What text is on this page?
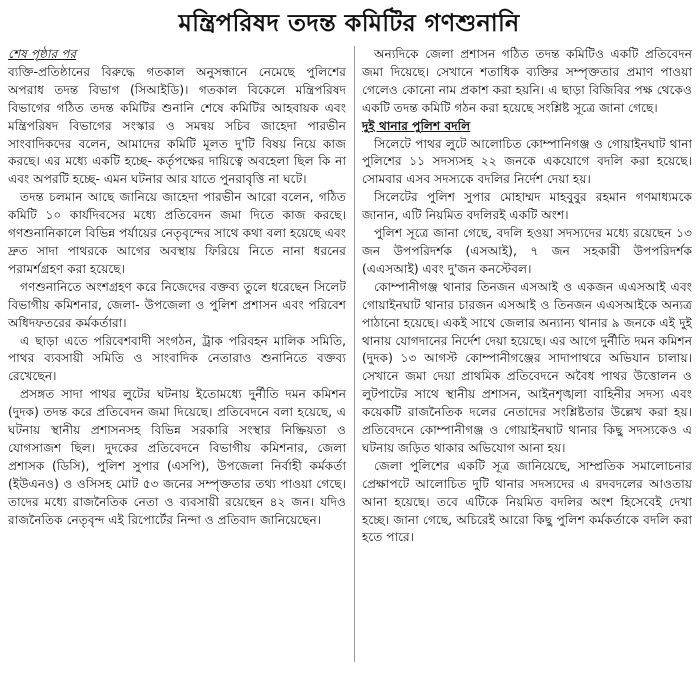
মন্ত্রিপরিষদ তদন্ত কমিটির গণশুনানি
শেষ পৃষ্ঠার পর

ব্যক্তি-প্রতিষ্ঠানের বিরুদ্ধে গতকাল অনুসন্ধানে নেমেছে পুলিশের অপরাধ তদন্ত বিভাগ (সিআইডি)। গতকাল বিকেলে মন্ত্রিপরিষদ বিভাগের গঠিত তদন্ত কমিটির শুনানি শেষে কমিটির আহবায়ক এবং মন্ত্রিপরিষদ বিভাগের সংস্কার ও সমন্বয় সচিব জাহেদা পারভীন সাংবাদিকদের বলেন, আমাদের কমিটি মূলত দু'টি বিষয় নিয়ে কাজ করছে। এর মধ্যে একটি হচ্ছে- কর্তৃপক্ষের দায়িত্বে অবহেলা ছিল কি না এবং অপরটি হচ্ছে- এমন ঘটনার আর যাতে পুনরাবৃত্তি না ঘটে।

তদন্ত চলমান আছে জানিয়ে জাহেদা পারভীন আরো বলেন, গঠিত কমিটি ১০ কার্যদিবসের মধ্যে প্রতিবেদন জমা দিতে কাজ করছে। গণশুনানিকালে বিভিন্ন পর্যায়ের নেতৃবৃন্দের সাথে কথা বলা হয়েছে এবং দ্রুত সাদা পাথরকে আগের অবস্থায় ফিরিয়ে নিতে নানা ধরনের পরামর্শগ্রহণ করা হয়েছে।

গণশুনানিতে অংশগ্রহণ করে নিজেদের বক্তব্য তুলে ধরেছেন সিলেট বিভাগীয় কমিশনার, জেলা- উপজেলা ও পুলিশ প্রশাসন এবং পরিবেশ অধিদফতরের কর্মকর্তারা।

এ ছাড়া এতে পরিবেশবাদী সংগঠন, ট্রাক পরিবহন মালিক সমিতি, পাথর ব্যবসায়ী সমিতি ও সাংবাদিক নেতারাও শুনানিতে বক্তব্য রেখেছেন।

প্রসঙ্গত সাদা পাথর লুটের ঘটনায় ইতোমধ্যে দুর্নীতি দমন কমিশন (দুদক) তদন্ত করে প্রতিবেদন জমা দিয়েছে। প্রতিবেদনে বলা হয়েছে, এ ঘটনায় স্থানীয় প্রশাসনসহ বিভিন্ন সরকারি সংস্থার নিষ্ক্রিয়তা ও যোগসাজশ ছিল। দুদকের প্রতিবেদনে বিভাগীয় কমিশনার, জেলা প্রশাসক (ডিসি), পুলিশ সুপার (এসপি), উপজেলা নির্বাহী কর্মকর্তা (ইউএনও) ও ওসিসহ মোট ৫৩ জনের সম্পৃক্ততার তথ্য পাওয়া গেছে। তাদের মধ্যে রাজনৈতিক নেতা ও ব্যবসায়ী রয়েছেন ৪২ জন। যদিও রাজনৈতিক নেতৃবৃন্দ এই রিপোর্টের নিন্দা ও প্রতিবাদ জানিয়েছেন।

অন্যদিকে জেলা প্রশাসন গঠিত তদন্ত কমিটিও একটি প্রতিবেদন জমা দিয়েছে। সেখানে শতাধিক ব্যক্তির সম্পৃক্ততার প্রমাণ পাওয়া গেলেও কোনো নাম প্রকাশ করা হয়নি। এ ছাড়া বিজিবির পক্ষ থেকেও একটি তদন্ত কমিটি গঠন করা হয়েছে সংশ্লিষ্ট সূত্রে জানা গেছে।

দুই থানার পুলিশ বদলি

সিলেটে পাথর লুটে আলোচিত কোম্পানিগঞ্জ ও গোয়াইনঘাট থানা পুলিশের ১১ সদস্যসহ ২২ জনকে একযোগে বদলি করা হয়েছে। সোমবার এসব সদস্যকে বদলির নির্দেশ দেয়া হয়।

সিলেটের পুলিশ সুপার মোহাম্মদ মাহবুবুর রহমান গণমাধ্যমকে জানান, এটি নিয়মিত বদলিরই একটি অংশ।

পুলিশ সূত্রে জানা গেছে, বদলি হওয়া সদস্যদের মধ্যে রয়েছেন ১৩ জন উপপরিদর্শক (এসআই), ৭ জন সহকারী উপপরিদর্শক (এএসআই) এবং দু'জন কনস্টেবল।

কোম্পানীগঞ্জ থানার তিনজন এসআই ও একজন এএসআই এবং গোয়াইনঘাট থানার চারজন এসআই ও তিনজন এএসআইকে অন্যত্র পাঠানো হয়েছে। একই সাথে জেলার অন্যান্য থানার ৯ জনকে এই দুই থানায় যোগদানের নির্দেশ দেয়া হয়েছে। এর আগে দুর্নীতি দমন কমিশন (দুদক) ১৩ আগস্ট কোম্পানীগঞ্জের সাদাপাথরে অভিযান চালায়। সেখানে জমা দেয়া প্রাথমিক প্রতিবেদনে অবৈধ পাথর উত্তোলন ও লুটপাটের সাথে স্থানীয় প্রশাসন, আইনশৃঙ্খলা বাহিনীর সদস্য এবং কয়েকটি রাজনৈতিক দলের নেতাদের সংশ্লিষ্টতার উল্লেখ করা হয়। প্রতিবেদনে কোম্পানীগঞ্জ ও গোয়াইনঘাট থানার কিছু সদস্যকেও এ ঘটনায় জড়িত থাকার অভিযোগ আনা হয়।

জেলা পুলিশের একটি সূত্র জানিয়েছে, সাম্প্রতিক সমালোচনার প্রেক্ষাপটে আলোচিত দুটি থানার সদস্যদের এ রদবদলের আওতায় আনা হয়েছে। তবে এটিকে নিয়মিত বদলির অংশ হিসেবেই দেখা হচ্ছে। জানা গেছে, অচিরেই আরো কিছু পুলিশ কর্মকর্তাকে বদলি করা হতে পারে।
